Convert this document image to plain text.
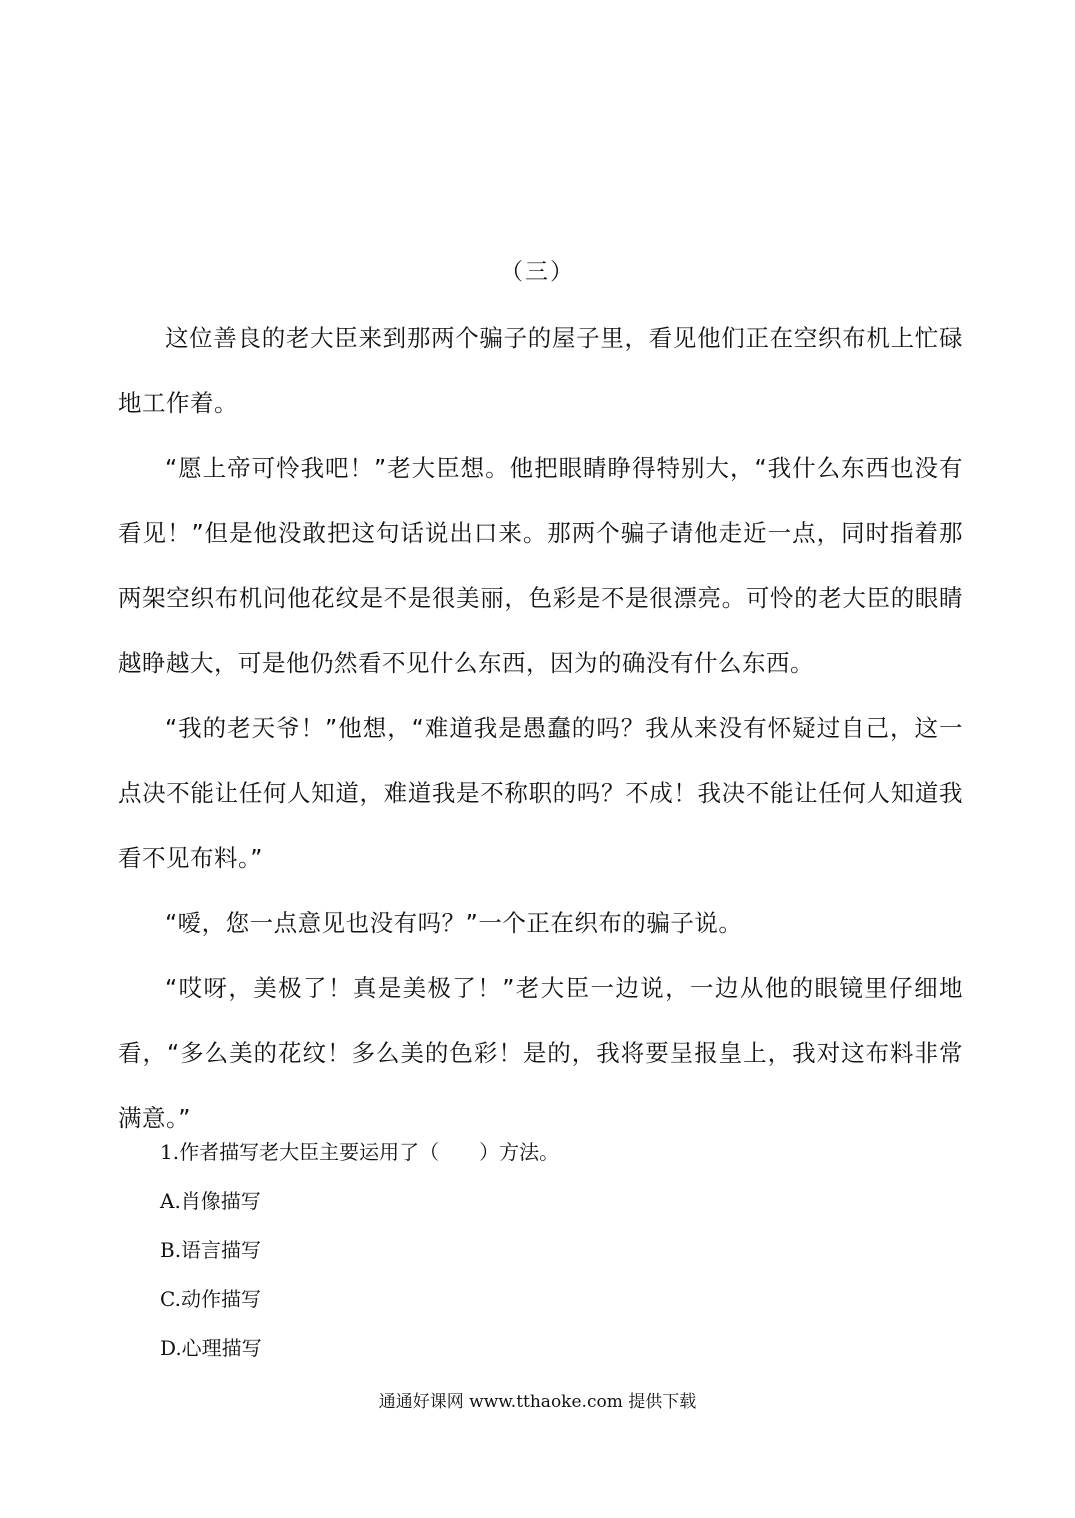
（三）

这位善良的老大臣来到那两个骗子的屋子里，看见他们正在空织布机上忙碌地工作着。

“愿上帝可怜我吧！”老大臣想。他把眼睛睁得特别大，“我什么东西也没有看见！”但是他没敢把这句话说出口来。那两个骗子请他走近一点，同时指着那两架空织布机问他花纹是不是很美丽，色彩是不是很漂亮。可怜的老大臣的眼睛越睁越大，可是他仍然看不见什么东西，因为的确没有什么东西。

“我的老天爷！”他想，“难道我是愚蠢的吗？我从来没有怀疑过自己，这一点决不能让任何人知道，难道我是不称职的吗？不成！我决不能让任何人知道我看不见布料。”

“嗳，您一点意见也没有吗？”一个正在织布的骗子说。

“哎呀，美极了！真是美极了！”老大臣一边说，一边从他的眼镜里仔细地看，“多么美的花纹！多么美的色彩！是的，我将要呈报皇上，我对这布料非常满意。”

1.作者描写老大臣主要运用了（　　）方法。
A.肖像描写
B.语言描写
C.动作描写
D.心理描写
通通好课网 www.tthaoke.com 提供下载
